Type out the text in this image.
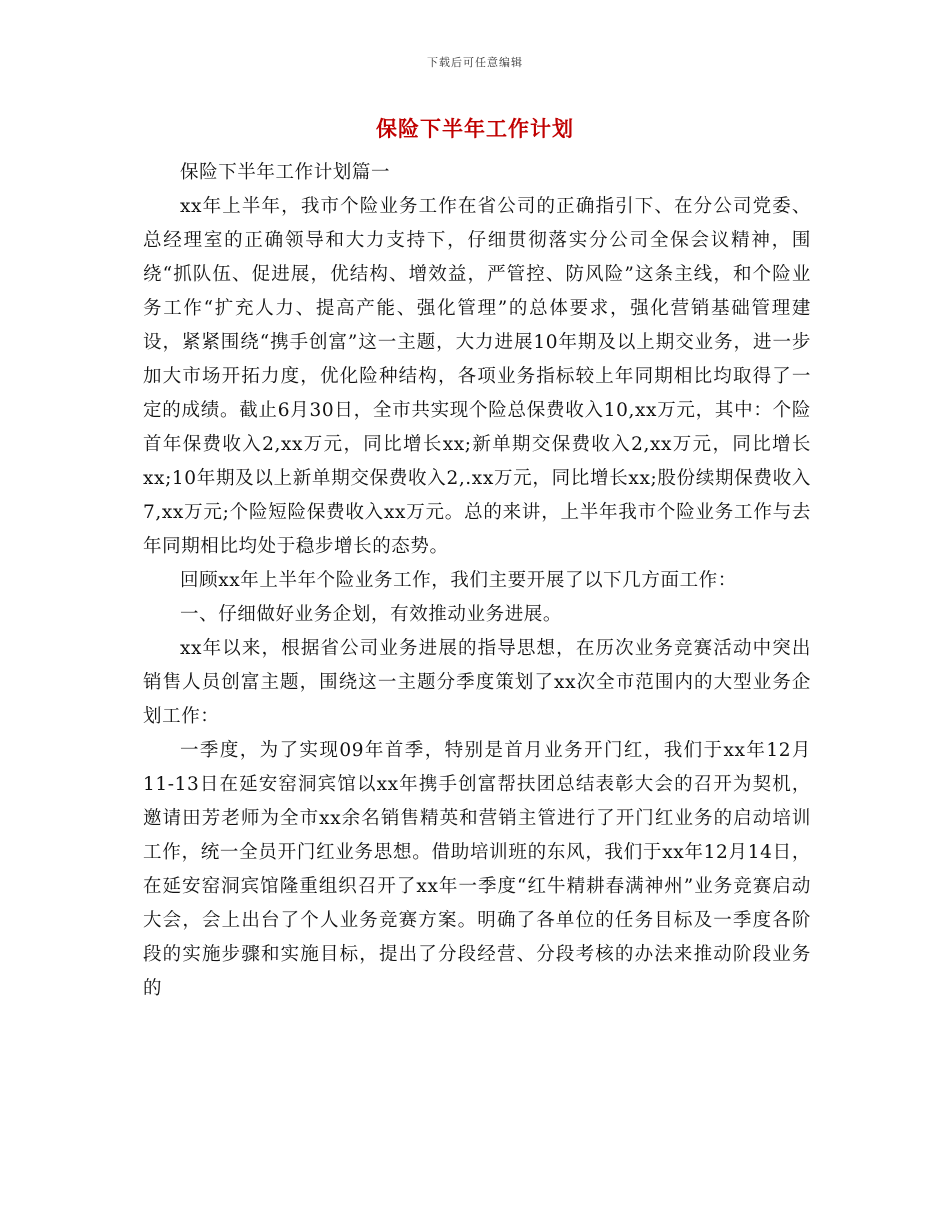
下载后可任意编辑
保险下半年工作计划

保险下半年工作计划篇一

xx年上半年，我市个险业务工作在省公司的正确指引下、在分公司党委、总经理室的正确领导和大力支持下，仔细贯彻落实分公司全保会议精神，围绕“抓队伍、促进展，优结构、增效益，严管控、防风险”这条主线，和个险业务工作“扩充人力、提高产能、强化管理”的总体要求，强化营销基础管理建设，紧紧围绕“携手创富”这一主题，大力进展10年期及以上期交业务，进一步加大市场开拓力度，优化险种结构，各项业务指标较上年同期相比均取得了一定的成绩。截止6月30日，全市共实现个险总保费收入10,xx万元，其中：个险首年保费收入2,xx万元，同比增长xx;新单期交保费收入2,xx万元，同比增长xx;10年期及以上新单期交保费收入2,.xx万元，同比增长xx;股份续期保费收入7,xx万元;个险短险保费收入xx万元。总的来讲，上半年我市个险业务工作与去年同期相比均处于稳步增长的态势。

回顾xx年上半年个险业务工作，我们主要开展了以下几方面工作：

一、仔细做好业务企划，有效推动业务进展。

xx年以来，根据省公司业务进展的指导思想，在历次业务竞赛活动中突出销售人员创富主题，围绕这一主题分季度策划了xx次全市范围内的大型业务企划工作：

一季度，为了实现09年首季，特别是首月业务开门红，我们于xx年12月11-13日在延安窑洞宾馆以xx年携手创富帮扶团总结表彰大会的召开为契机，邀请田芳老师为全市xx余名销售精英和营销主管进行了开门红业务的启动培训工作，统一全员开门红业务思想。借助培训班的东风，我们于xx年12月14日，在延安窑洞宾馆隆重组织召开了xx年一季度“红牛精耕春满神州”业务竞赛启动大会，会上出台了个人业务竞赛方案。明确了各单位的任务目标及一季度各阶段的实施步骤和实施目标，提出了分段经营、分段考核的办法来推动阶段业务的
